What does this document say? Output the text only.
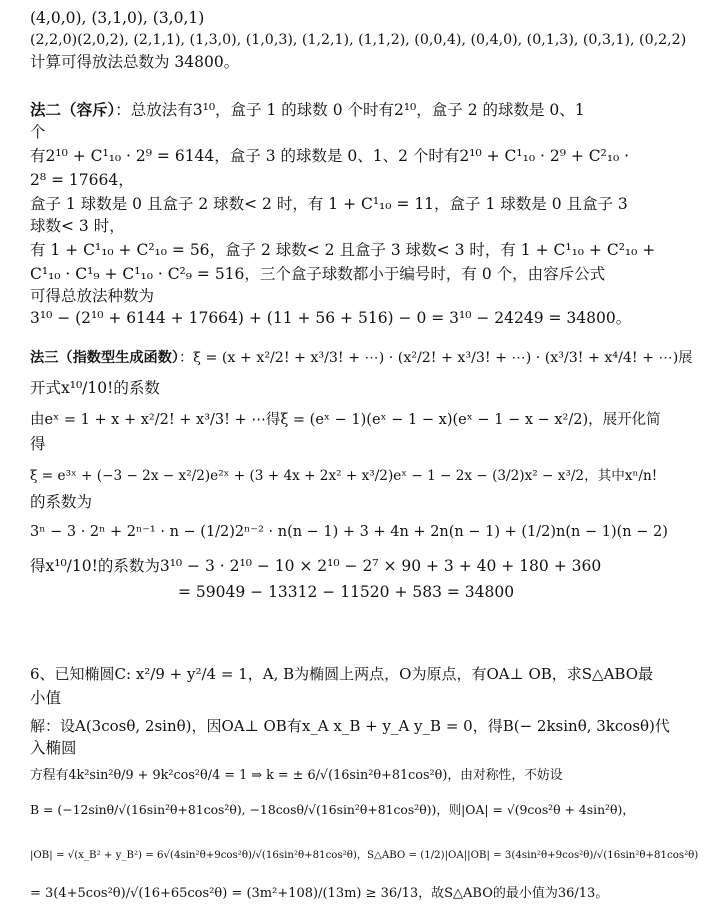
(4,0,0), (3,1,0), (3,0,1)
(2,2,0)(2,0,2), (2,1,1), (1,3,0), (1,0,3), (1,2,1), (1,1,2), (0,0,4), (0,4,0), (0,1,3), (0,3,1), (0,2,2)
计算可得放法总数为 34800。
法二（容斥）：总放法有3¹⁰，盒子 1 的球数 0 个时有2¹⁰，盒子 2 的球数是 0、1
个
有2¹⁰ + C¹₁₀ · 2⁹ = 6144，盒子 3 的球数是 0、1、2 个时有2¹⁰ + C¹₁₀ · 2⁹ + C²₁₀ ·
2⁸ = 17664，
盒子 1 球数是 0 且盒子 2 球数< 2 时，有 1 + C¹₁₀ = 11，盒子 1 球数是 0 且盒子 3
球数< 3 时，
有 1 + C¹₁₀ + C²₁₀ = 56，盒子 2 球数< 2 且盒子 3 球数< 3 时，有 1 + C¹₁₀ + C²₁₀ +
C¹₁₀ · C¹₉ + C¹₁₀ · C²₉ = 516，三个盒子球数都小于编号时，有 0 个，由容斥公式
可得总放法种数为
3¹⁰ − (2¹⁰ + 6144 + 17664) + (11 + 56 + 516) − 0 = 3¹⁰ − 24249 = 34800。
法三（指数型生成函数）：ξ = (x + x²/2! + x³/3! + ⋯) · (x²/2! + x³/3! + ⋯) · (x³/3! + x⁴/4! + ⋯)展
开式x¹⁰/10!的系数
由eˣ = 1 + x + x²/2! + x³/3! + ⋯得ξ = (eˣ − 1)(eˣ − 1 − x)(eˣ − 1 − x − x²/2)，展开化简
得
ξ = e³ˣ + (−3 − 2x − x²/2)e²ˣ + (3 + 4x + 2x² + x³/2)eˣ − 1 − 2x − (3/2)x² − x³/2，其中xⁿ/n!
的系数为
3ⁿ − 3 · 2ⁿ + 2ⁿ⁻¹ · n − (1/2)2ⁿ⁻² · n(n − 1) + 3 + 4n + 2n(n − 1) + (1/2)n(n − 1)(n − 2)
得x¹⁰/10!的系数为3¹⁰ − 3 · 2¹⁰ − 10 × 2¹⁰ − 2⁷ × 90 + 3 + 40 + 180 + 360
= 59049 − 13312 − 11520 + 583 = 34800
6、已知椭圆C: x²/9 + y²/4 = 1，A, B为椭圆上两点，O为原点，有OA⊥ OB，求S△ABO最
小值
解：设A(3cosθ, 2sinθ)，因OA⊥ OB有x_A x_B + y_A y_B = 0，得B(− 2ksinθ, 3kcosθ)代
入椭圆
方程有4k²sin²θ/9 + 9k²cos²θ/4 = 1 ⇒ k = ± 6/√(16sin²θ+81cos²θ)，由对称性，不妨设
B = (−12sinθ/√(16sin²θ+81cos²θ), −18cosθ/√(16sin²θ+81cos²θ))，则|OA| = √(9cos²θ + 4sin²θ)，
|OB| = √(x_B² + y_B²) = 6√(4sin²θ+9cos²θ)/√(16sin²θ+81cos²θ)，S△ABO = (1/2)|OA||OB| = 3(4sin²θ+9cos²θ)/√(16sin²θ+81cos²θ)
= 3(4+5cos²θ)/√(16+65cos²θ) = (3m²+108)/(13m) ≥ 36/13，故S△ABO的最小值为36/13。
